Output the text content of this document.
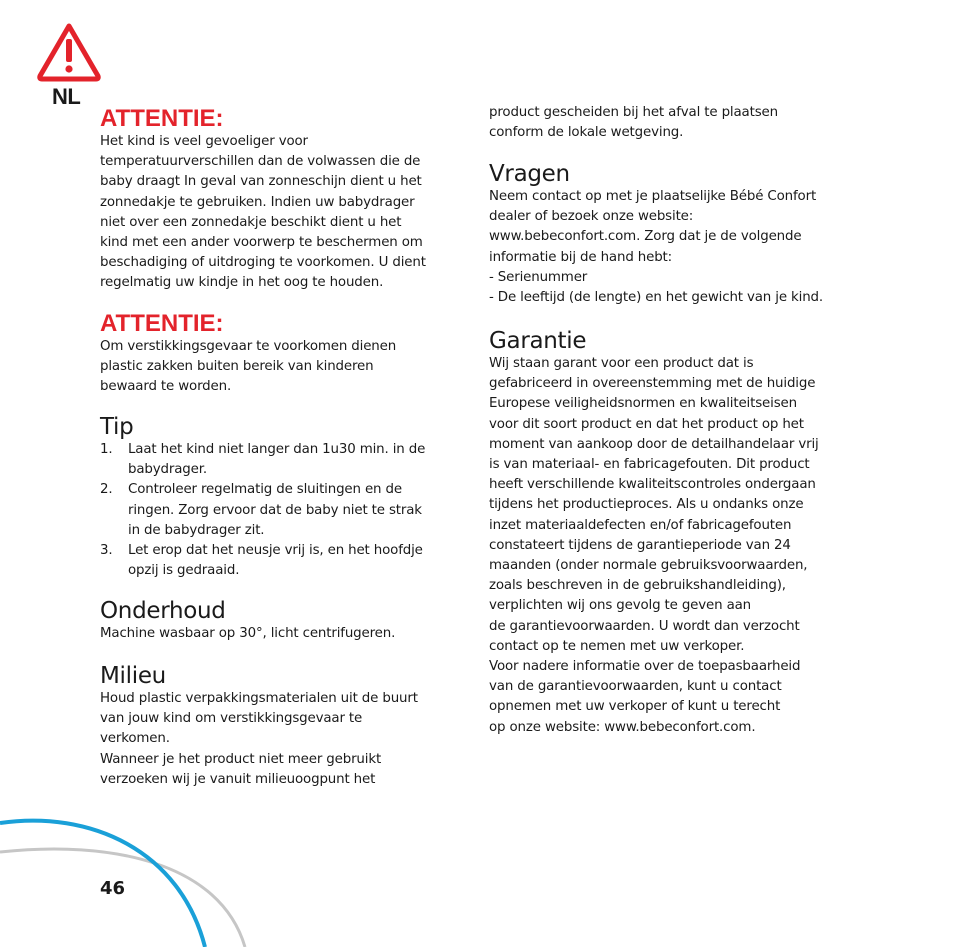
NL
ATTENTIE:

Het kind is veel gevoeliger voor
temperatuurverschillen dan de volwassen die de
baby draagt In geval van zonneschijn dient u het
zonnedakje te gebruiken. Indien uw babydrager
niet over een zonnedakje beschikt dient u het
kind met een ander voorwerp te beschermen om
beschadiging of uitdroging te voorkomen. U dient
regelmatig uw kindje in het oog te houden.

ATTENTIE:

Om verstikkingsgevaar te voorkomen dienen
plastic zakken buiten bereik van kinderen
bewaard te worden.

Tip
1.	Laat het kind niet langer dan 1u30 min. in de
babydrager.
2.	Controleer regelmatig de sluitingen en de
ringen. Zorg ervoor dat de baby niet te strak
in de babydrager zit.
3.	Let erop dat het neusje vrij is, en het hoofdje
opzij is gedraaid.
Onderhoud

Machine wasbaar op 30°, licht centrifugeren.

Milieu

Houd plastic verpakkingsmaterialen uit de buurt
van jouw kind om verstikkingsgevaar te
verkomen.
Wanneer je het product niet meer gebruikt
verzoeken wij je vanuit milieuoogpunt het

product gescheiden bij het afval te plaatsen
conform de lokale wetgeving.

Vragen

Neem contact op met je plaatselijke Bébé Confort
dealer of bezoek onze website:
www.bebeconfort.com. Zorg dat je de volgende
informatie bij de hand hebt:
- Serienummer
- De leeftijd (de lengte) en het gewicht van je kind.

Garantie

Wij staan garant voor een product dat is
gefabriceerd in overeenstemming met de huidige
Europese veiligheidsnormen en kwaliteitseisen
voor dit soort product en dat het product op het
moment van aankoop door de detailhandelaar vrij
is van materiaal- en fabricagefouten. Dit product
heeft verschillende kwaliteitscontroles ondergaan
tijdens het productieproces. Als u ondanks onze
inzet materiaaldefecten en/of fabricagefouten
constateert tijdens de garantieperiode van 24
maanden (onder normale gebruiksvoorwaarden,
zoals beschreven in de gebruikshandleiding),
verplichten wij ons gevolg te geven aan
de garantievoorwaarden. U wordt dan verzocht
contact op te nemen met uw verkoper.
Voor nadere informatie over de toepasbaarheid
van de garantievoorwaarden, kunt u contact
opnemen met uw verkoper of kunt u terecht
op onze website: www.bebeconfort.com.

46
